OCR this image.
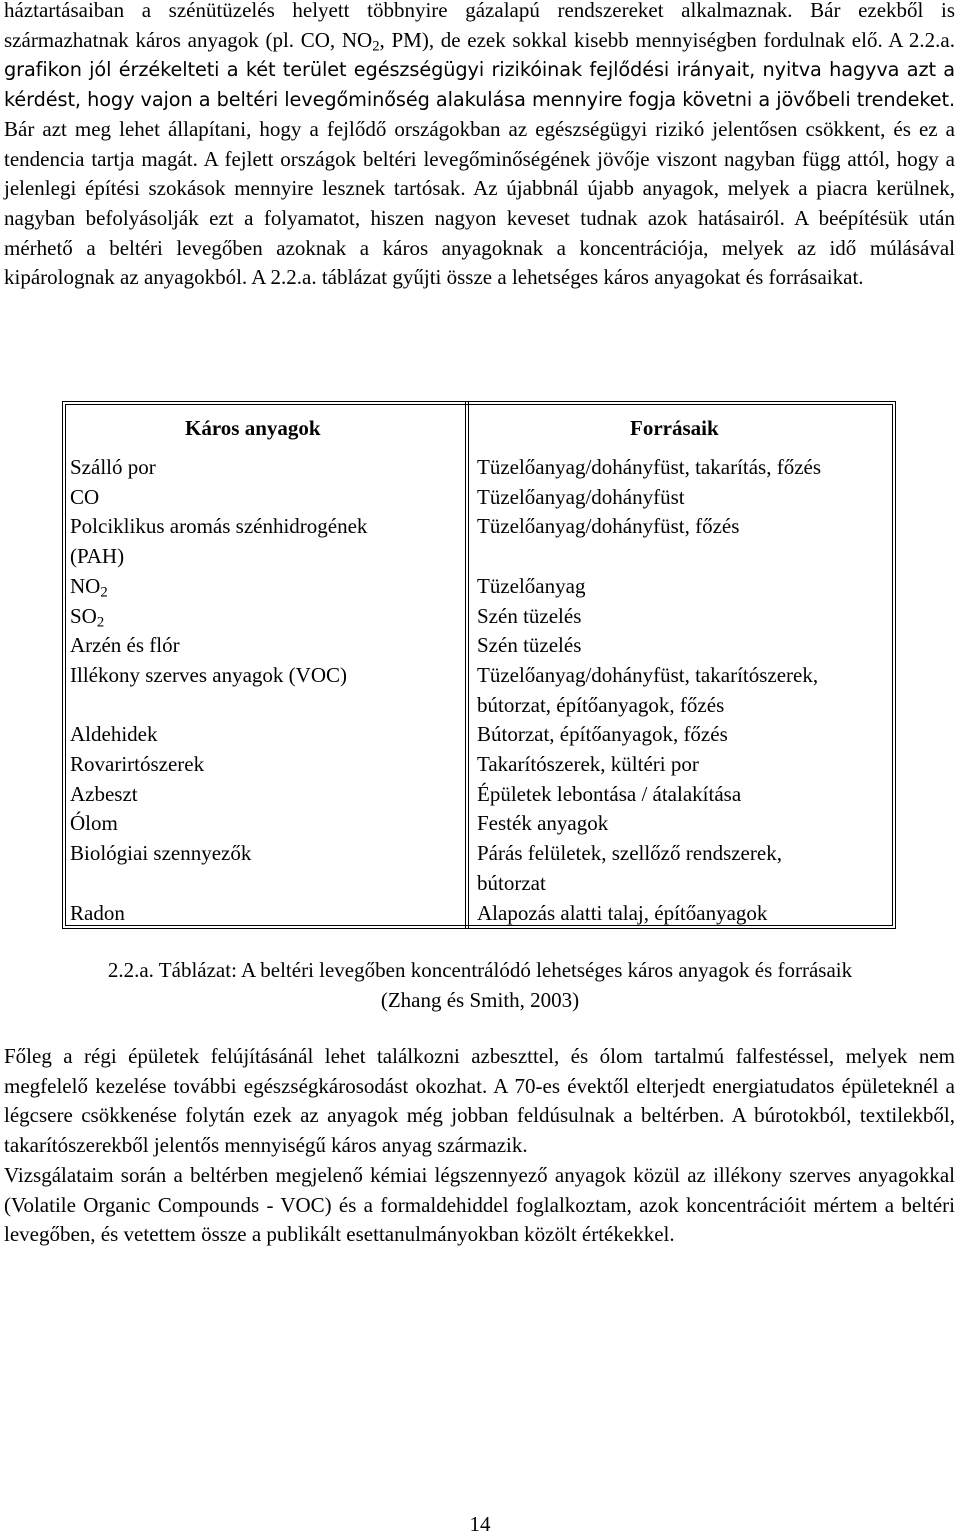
háztartásaiban a szénütüzelés helyett többnyire gázalapú rendszereket alkalmaznak. Bár ezekből is származhatnak káros anyagok (pl. CO, $NO_2$, PM), de ezek sokkal kisebb mennyiségben fordulnak elő. A 2.2.a. grafikon jól érzékelteti a két terület egészségügyi rizikóinak fejlődési irányait, nyitva hagyva azt a kérdést, hogy vajon a beltéri levegőminőség alakulása mennyire fogja követni a jövőbeli trendeket. Bár azt meg lehet állapítani, hogy a fejlődő országokban az egészségügyi rizikó jelentősen csökkent, és ez a tendencia tartja magát. A fejlett országok beltéri levegőminőségének jövője viszont nagyban függ attól, hogy a jelenlegi építési szokások mennyire lesznek tartósak. Az újabbnál újabb anyagok, melyek a piacra kerülnek, nagyban befolyásolják ezt a folyamatot, hiszen nagyon keveset tudnak azok hatásairól. A beépítésük után mérhető a beltéri levegőben azoknak a káros anyagoknak a koncentrációja, melyek az idő múlásával kipárolognak az anyagokból. A 2.2.a. táblázat gyűjti össze a lehetséges káros anyagokat és forrásaikat.

Káros anyagok	Forrásaik
Szálló por	Tüzelőanyag/dohányfüst, takarítás, főzés
CO	Tüzelőanyag/dohányfüst
Polciklikus aromás szénhidrogének	Tüzelőanyag/dohányfüst, főzés
(PAH)
$NO_2$	Tüzelőanyag
$SO_2$	Szén tüzelés
Arzén és flór	Szén tüzelés
Illékony szerves anyagok (VOC)	Tüzelőanyag/dohányfüst, takarítószerek,
bútorzat, építőanyagok, főzés
Aldehidek	Bútorzat, építőanyagok, főzés
Rovarirtószerek	Takarítószerek, kültéri por
Azbeszt	Épületek lebontása / átalakítása
Ólom	Festék anyagok
Biológiai szennyezők	Párás felületek, szellőző rendszerek,
bútorzat
Radon	Alapozás alatti talaj, építőanyagok
2.2.a. Táblázat: A beltéri levegőben koncentrálódó lehetséges káros anyagok és forrásaik
(Zhang és Smith, 2003)

Főleg a régi épületek felújításánál lehet találkozni azbeszttel, és ólom tartalmú falfestéssel, melyek nem megfelelő kezelése további egészségkárosodást okozhat. A 70-es évektől elterjedt energiatudatos épületeknél a légcsere csökkenése folytán ezek az anyagok még jobban feldúsulnak a beltérben. A búrotokból, textilekből, takarítószerekből jelentős mennyiségű káros anyag származik.

Vizsgálataim során a beltérben megjelenő kémiai légszennyező anyagok közül az illékony szerves anyagokkal (Volatile Organic Compounds - VOC) és a formaldehiddel foglalkoztam, azok koncentrációit mértem a beltéri levegőben, és vetettem össze a publikált esettanulmányokban közölt értékekkel.

14
